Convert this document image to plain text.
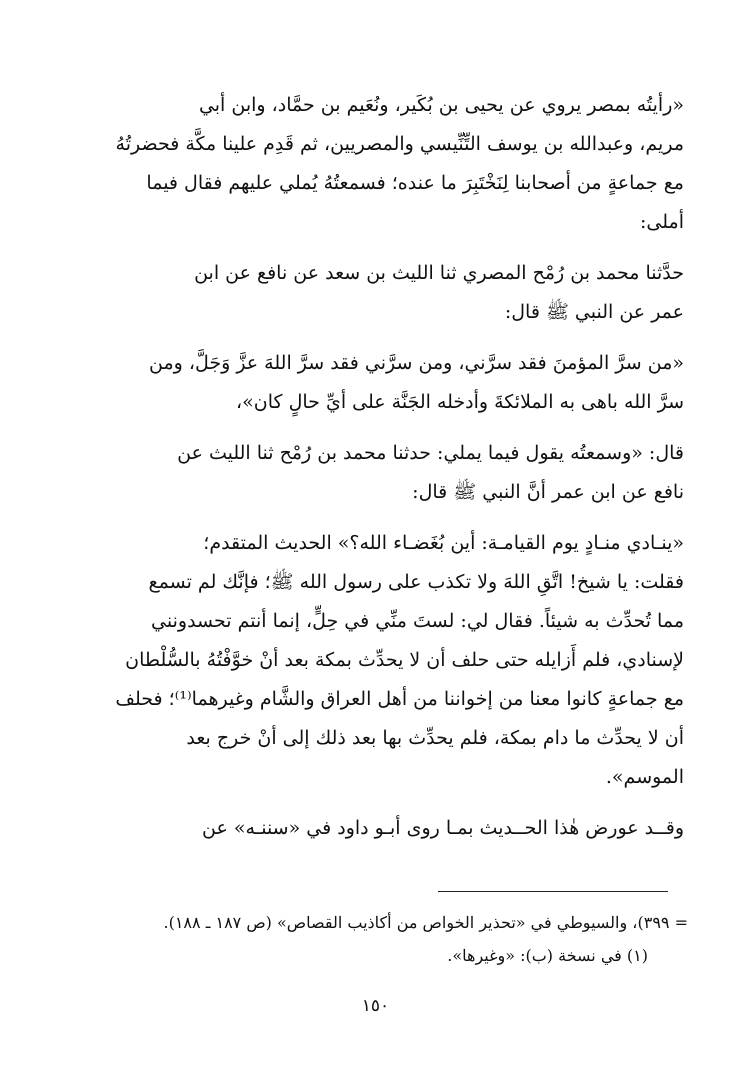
«رأيتُه بمصر يروي عن يحيى بن بُكَير، ونُعَيم بن حمَّاد، وابن أبي
مريم، وعبدالله بن يوسف التِّنِّيسي والمصريين، ثم قَدِم علينا مكَّة فحضرتُهُ
مع جماعةٍ من أصحابنا لِنَخْتَبِرَ ما عنده؛ فسمعتُهُ يُملي عليهم فقال فيما
أملى:

حدَّثنا محمد بن رُمْح المصري ثنا الليث بن سعد عن نافع عن ابن
عمر عن النبي ﷺ قال:

«من سرَّ المؤمنَ فقد سرَّني، ومن سرَّني فقد سرَّ اللهَ عزَّ وَجَلَّ، ومن
سرَّ الله باهى به الملائكةَ وأدخله الجَنَّة على أيِّ حالٍ كان»،

قال: «وسمعتُه يقول فيما يملي: حدثنا محمد بن رُمْح ثنا الليث عن
نافع عن ابن عمر أنَّ النبي ﷺ قال:

«ينـادي منـادٍ يوم القيامـة: أين بُغَضـاء الله؟» الحديث المتقدم؛
فقلت: يا شيخ! اتَّقِ اللهَ ولا تكذب على رسول الله ﷺ؛ فإنَّك لم تسمع
مما تُحدِّث به شيئاً. فقال لي: لستَ منِّي في حِلٍّ، إنما أنتم تحسدونني
لإسنادي، فلم أَزايله حتى حلف أن لا يحدِّث بمكة بعد أنْ خوَّفْتُهُ بالسُّلْطان
مع جماعةٍ كانوا معنا من إخواننا من أهل العراق والشَّام وغيرهما⁽¹⁾؛ فحلف
أن لا يحدِّث ما دام بمكة، فلم يحدِّث بها بعد ذلك إلى أنْ خرج بعد
الموسم».

وقــد عورض هٰذا الحــديث بمـا روى أبـو داود في «سننـه» عن

= ٣٩٩)، والسيوطي في «تحذير الخواص من أكاذيب القصاص» (ص ١٨٧ ـ ١٨٨).
(١) في نسخة (ب): «وغيرها».
١٥٠
